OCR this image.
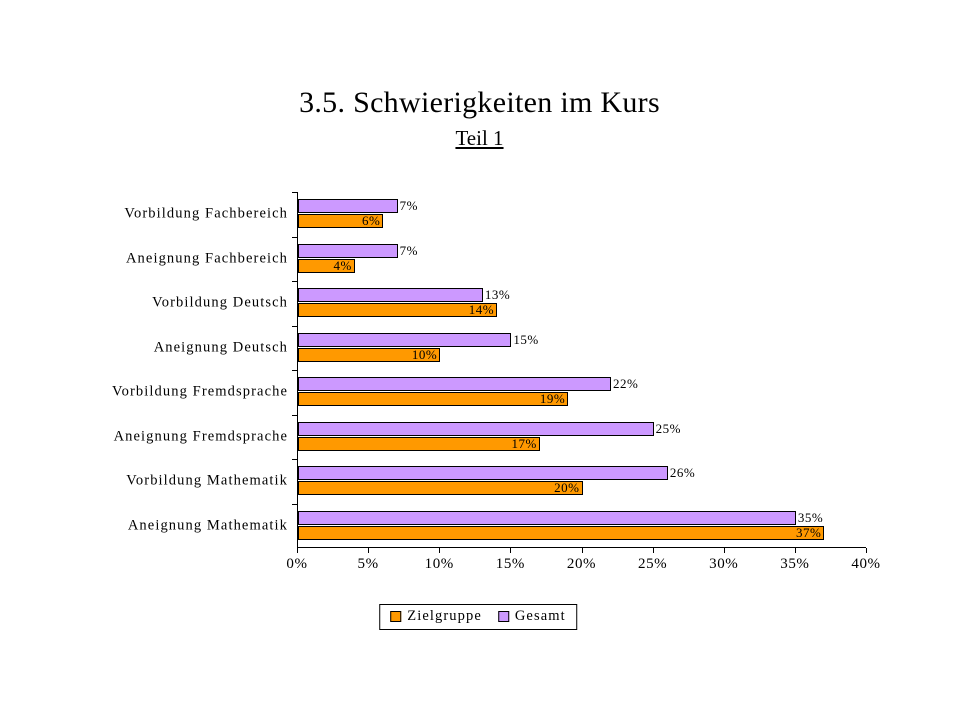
3.5. Schwierigkeiten im Kurs
Teil 1
Vorbildung Fachbereich
7%
6%
Aneignung Fachbereich
7%
4%
Vorbildung Deutsch
13%
14%
Aneignung Deutsch
15%
10%
Vorbildung Fremdsprache
22%
19%
Aneignung Fremdsprache
25%
17%
Vorbildung Mathematik
26%
20%
Aneignung Mathematik
35%
37%
0%	5%	10%	15%	20%	25%	30%	35%	40%
Zielgruppe Gesamt
